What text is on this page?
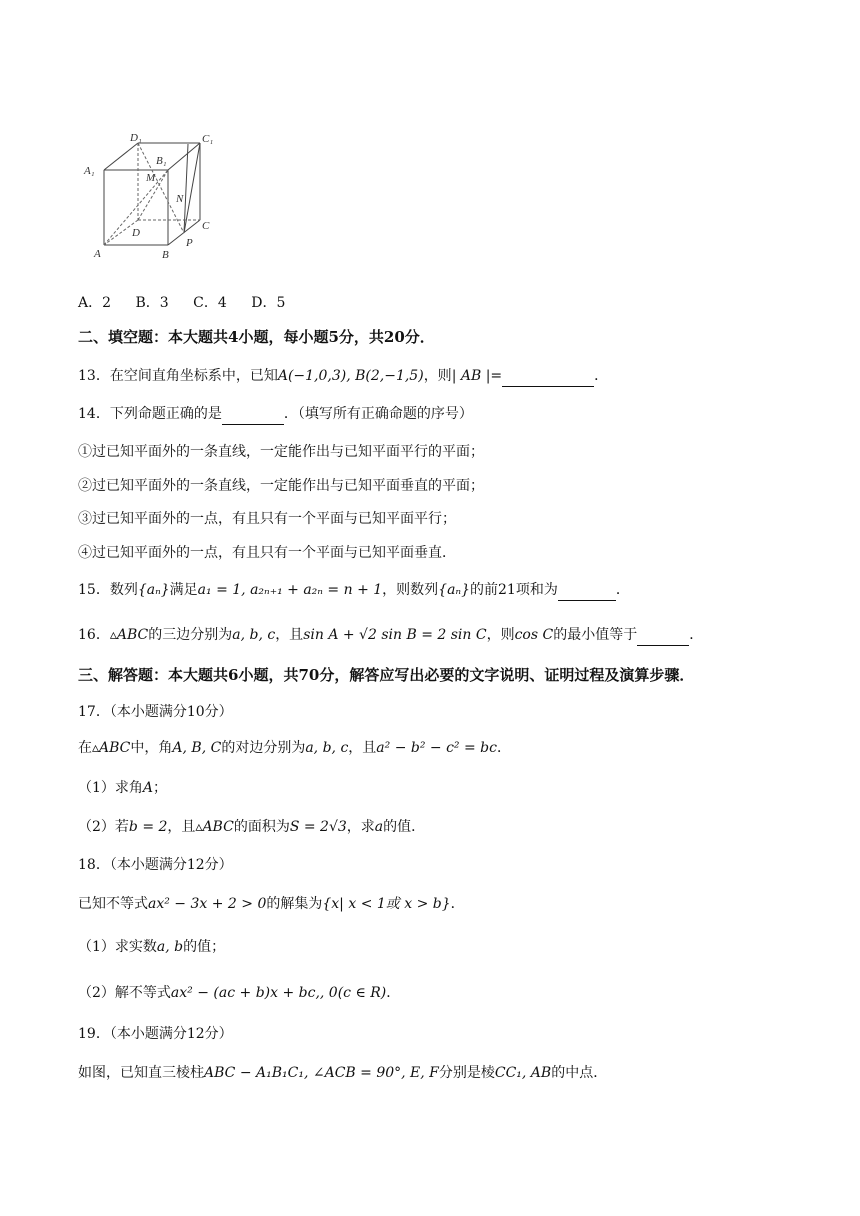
D₁	C₁
A₁
B₁
M
N
D
C
P
A	B
A．2 B．3 C．4 D．5
二、填空题：本大题共4小题，每小题5分，共20分．
13．在空间直角坐标系中，已知A(−1,0,3), B(2,−1,5)，则| AB |=	．
14．下列命题正确的是	．（填写所有正确命题的序号）
①过已知平面外的一条直线，一定能作出与已知平面平行的平面；
②过已知平面外的一条直线，一定能作出与已知平面垂直的平面；
③过已知平面外的一点，有且只有一个平面与已知平面平行；
④过已知平面外的一点，有且只有一个平面与已知平面垂直．
15．数列{aₙ}满足a₁ = 1, a₂ₙ₊₁ + a₂ₙ = n + 1，则数列{aₙ}的前21项和为	．
16．▵ABC的三边分别为a, b, c，且sin A + √2 sin B = 2 sin C，则cos C的最小值等于	．
三、解答题：本大题共6小题，共70分，解答应写出必要的文字说明、证明过程及演算步骤．
17．（本小题满分10分）
在▵ABC中，角A, B, C的对边分别为a, b, c，且a² − b² − c² = bc．
（1）求角A；
（2）若b = 2，且▵ABC的面积为S = 2√3，求a的值．
18．（本小题满分12分）
已知不等式ax² − 3x + 2 > 0的解集为{x| x < 1或 x > b}．
（1）求实数a, b的值；
（2）解不等式ax² − (ac + b)x + bc,, 0(c ∈ R)．
19．（本小题满分12分）
如图，已知直三棱柱ABC − A₁B₁C₁, ∠ACB = 90°, E, F分别是棱CC₁, AB的中点．
